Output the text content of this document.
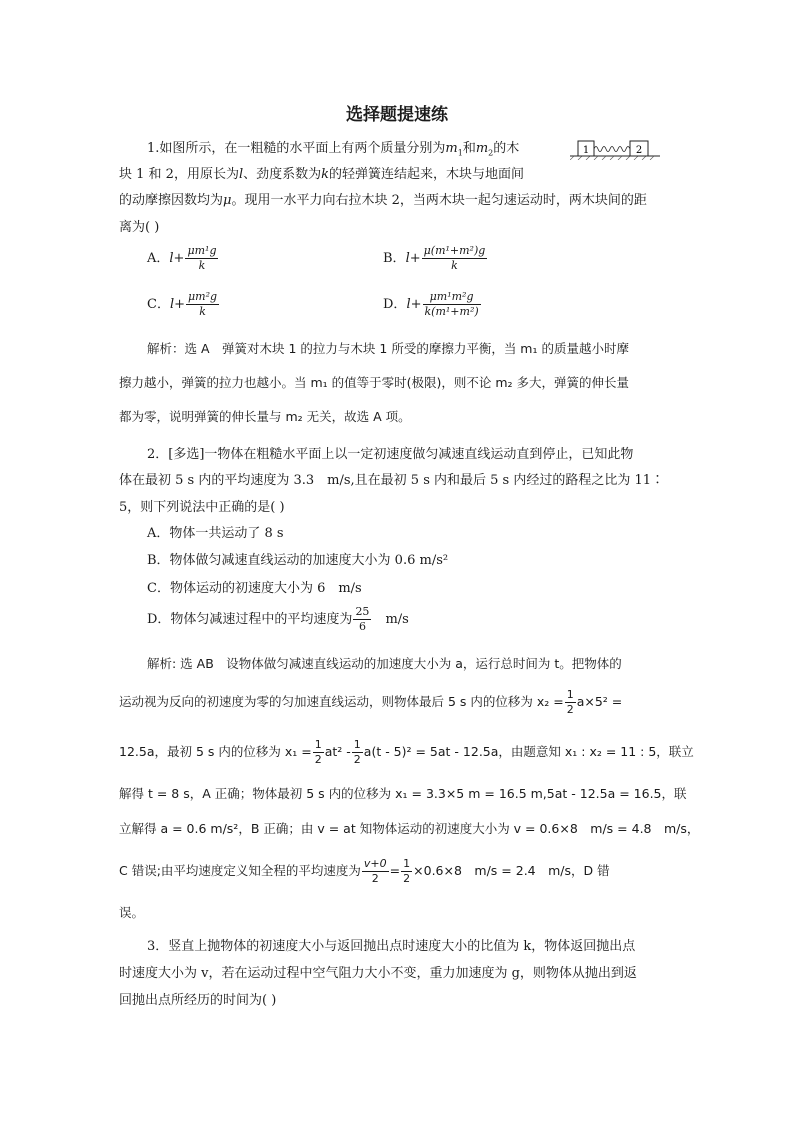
选择题提速练
1.如图所示，在一粗糙的水平面上有两个质量分别为$m_1$和$m_2$的木	1	2
块 1 和 2，用原长为l、劲度系数为k的轻弹簧连结起来，木块与地面间
的动摩擦因数均为μ。现用一水平力向右拉木块 2，当两木块一起匀速运动时，两木块间的距
离为( )
A．$l+ \frac{\text{μm¹g}}{k}$	B．$l+ \frac{\text{μ(m¹+m²)g}}{k}$
C．$l+ \frac{\text{μm²g}}{k}$	D．$l+ \frac{\text{μm¹m²g}}{\text{k(m¹+m²)}}$
解析：选 A　弹簧对木块 1 的拉力与木块 1 所受的摩擦力平衡，当 m₁ 的质量越小时摩
擦力越小，弹簧的拉力也越小。当 m₁ 的值等于零时(极限)，则不论 m₂ 多大，弹簧的伸长量
都为零，说明弹簧的伸长量与 m₂ 无关，故选 A 项。
2．[多选]一物体在粗糙水平面上以一定初速度做匀减速直线运动直到停止，已知此物
体在最初 5 s 内的平均速度为 3.3　m/s,且在最初 5 s 内和最后 5 s 内经过的路程之比为 11∶
5，则下列说法中正确的是( )
A．物体一共运动了 8 s
B．物体做匀减速直线运动的加速度大小为 0.6 m/s²
C．物体运动的初速度大小为 6　m/s
D．物体匀减速过程中的平均速度为 $\frac{25}{6}$
　 m/s
解析: 选 AB　设物体做匀减速直线运动的加速度大小为 a，运行总时间为 t。把物体的
运动视为反向的初速度为零的匀加速直线运动，则物体最后 5 s 内的位移为 $x_2 = \frac{1}{2} a\times 5^2$ =
12.5a，最初 5 s 内的位移为 $x_1 = \frac{1}{2} at^2 - \frac{1}{2} a(t - 5)^2 = 5at - 12.5a$，由题意知 x₁ : x₂ = 11 : 5，联立
解得 t = 8 s，A 正确；物体最初 5 s 内的位移为 x₁ = 3.3×5 m = 16.5 m,5at - 12.5a = 16.5，联
立解得 a = 0.6 m/s²，B 正确；由 v = at 知物体运动的初速度大小为 v = 0.6×8　m/s = 4.8　m/s，
C 错误;由平均速度定义知全程的平均速度为 $\frac{v+0}{2} = \frac{1}{2} \times 0.6\times 8$　m/s = 2.4　m/s，D 错
误。
3．竖直上抛物体的初速度大小与返回抛出点时速度大小的比值为 k，物体返回抛出点
时速度大小为 v，若在运动过程中空气阻力大小不变，重力加速度为 g，则物体从抛出到返
回抛出点所经历的时间为( )
